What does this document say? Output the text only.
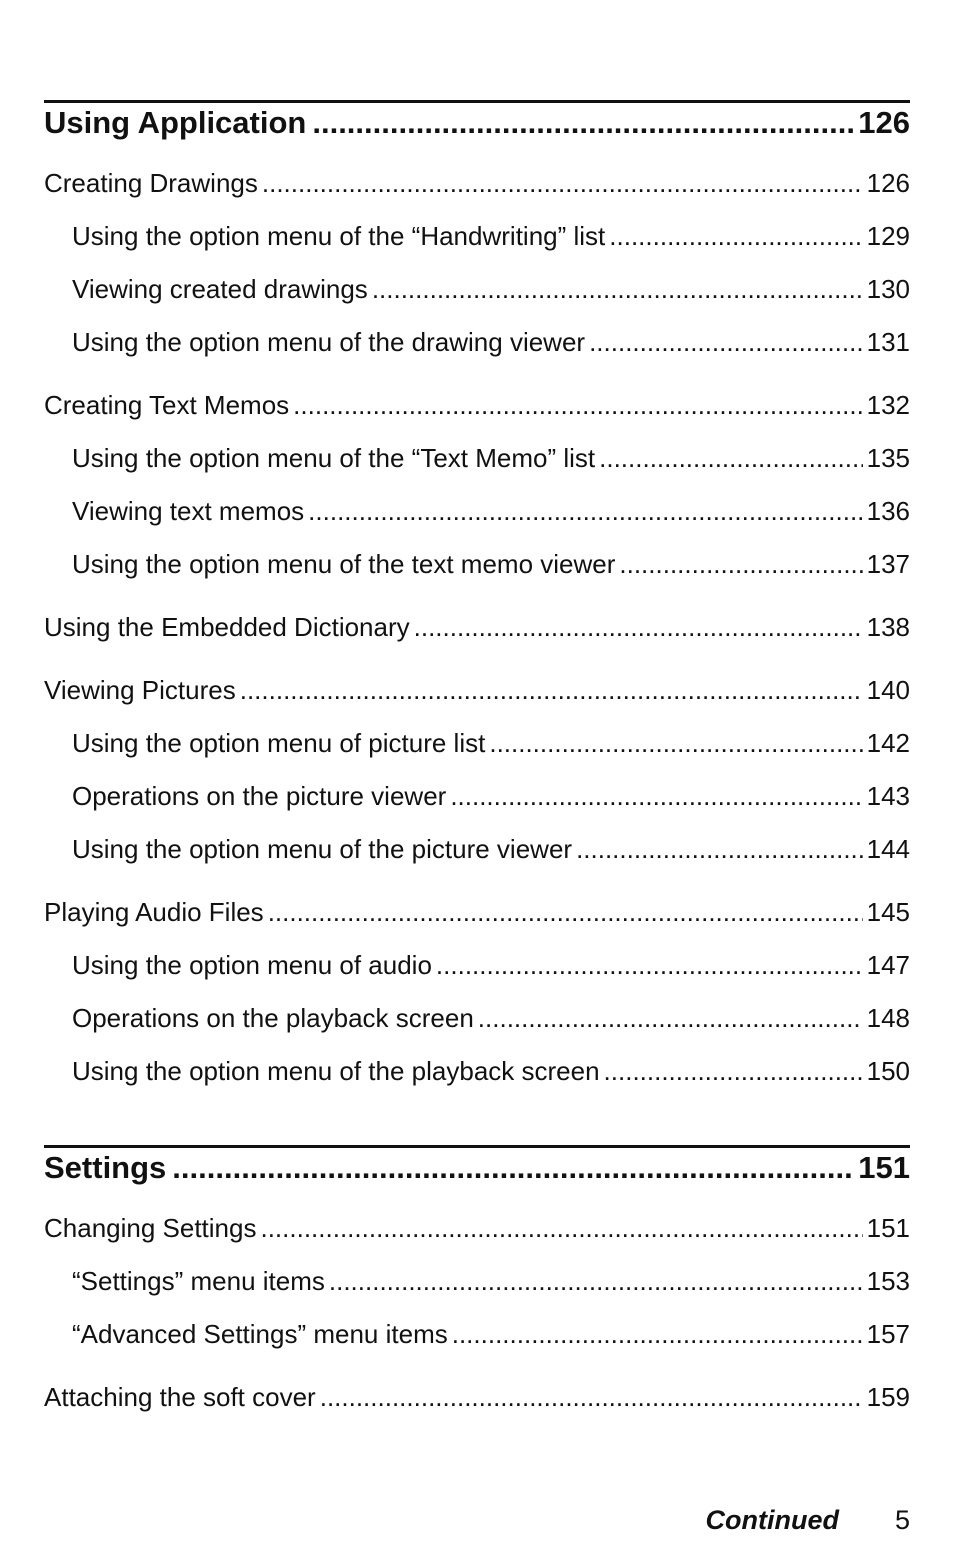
Using Application .....	126
Creating Drawings .....	126
Using the option menu of the “Handwriting” list .....	129
Viewing created drawings .....	130
Using the option menu of the drawing viewer .....	131
Creating Text Memos .....	132
Using the option menu of the “Text Memo” list .....	135
Viewing text memos .....	136
Using the option menu of the text memo viewer .....	137
Using the Embedded Dictionary .....	138
Viewing Pictures .....	140
Using the option menu of picture list .....	142
Operations on the picture viewer .....	143
Using the option menu of the picture viewer .....	144
Playing Audio Files .....	145
Using the option menu of audio .....	147
Operations on the playback screen .....	148
Using the option menu of the playback screen .....	150
Settings .....	151
Changing Settings .....	151
“Settings” menu items .....	153
“Advanced Settings” menu items .....	157
Attaching the soft cover .....	159
Continued 5
